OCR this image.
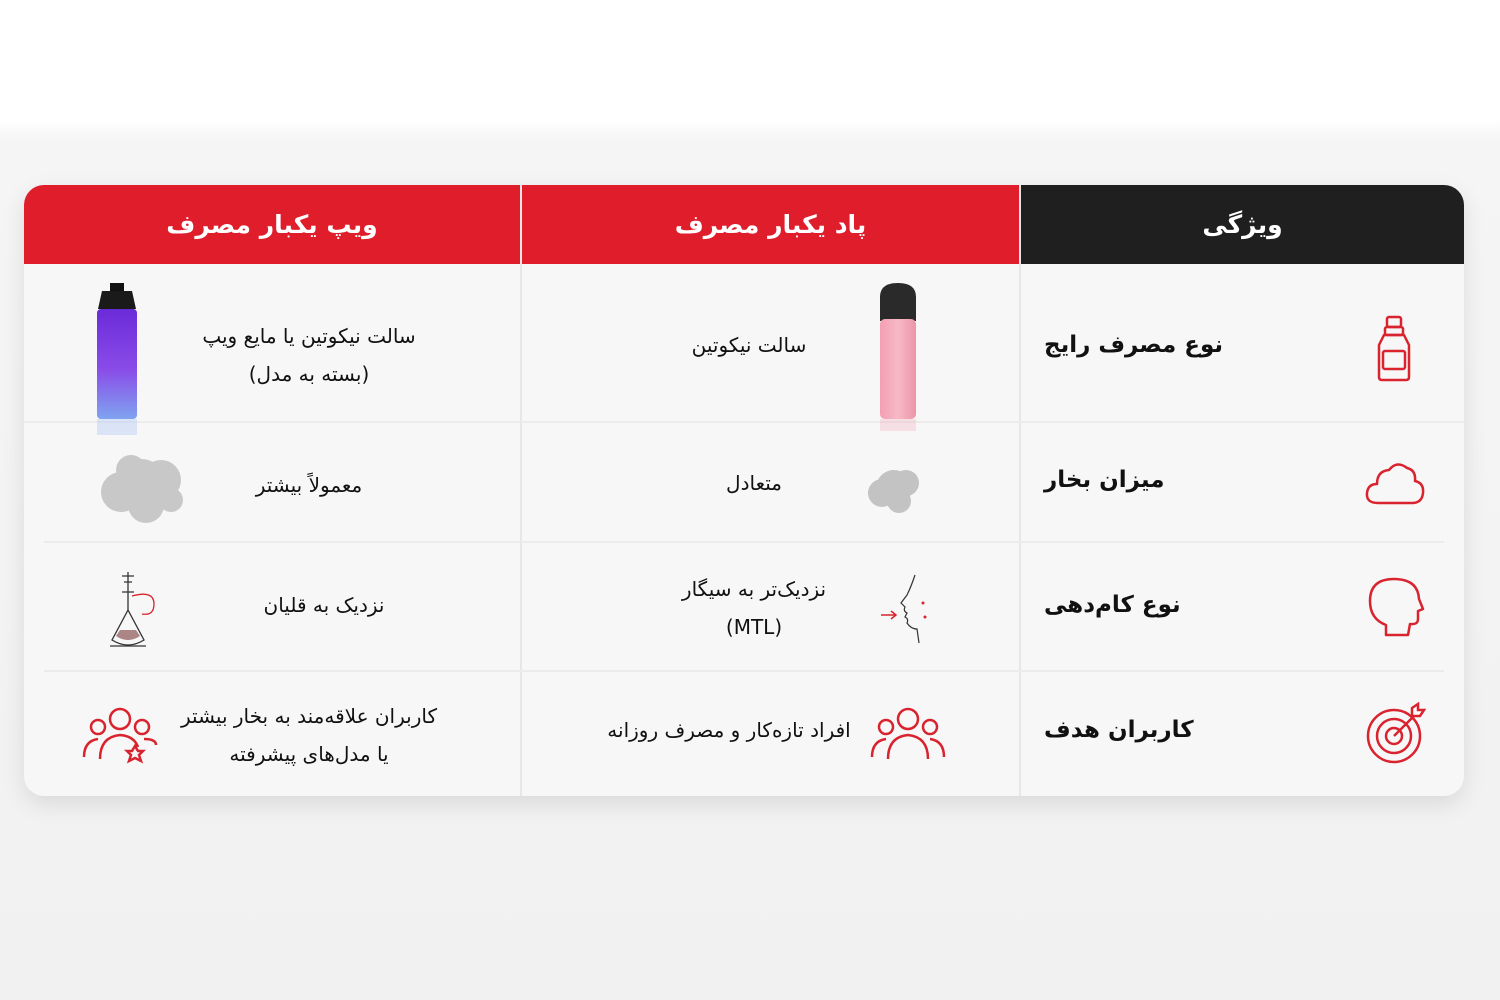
ویپ یکبار مصرف	پاد یکبار مصرف	ویژگی
نوع مصرف رایج
سالت نیکوتین
سالت نیکوتین یا مایع ویپ
(بسته به مدل)
میزان بخار
متعادل
معمولاً بیشتر
نوع کام‌دهی
نزدیک‌تر به سیگار
(MTL)
نزدیک به قلیان
کاربران هدف
افراد تازه‌کار و مصرف روزانه
کاربران علاقه‌مند به بخار بیشتر
یا مدل‌های پیشرفته
